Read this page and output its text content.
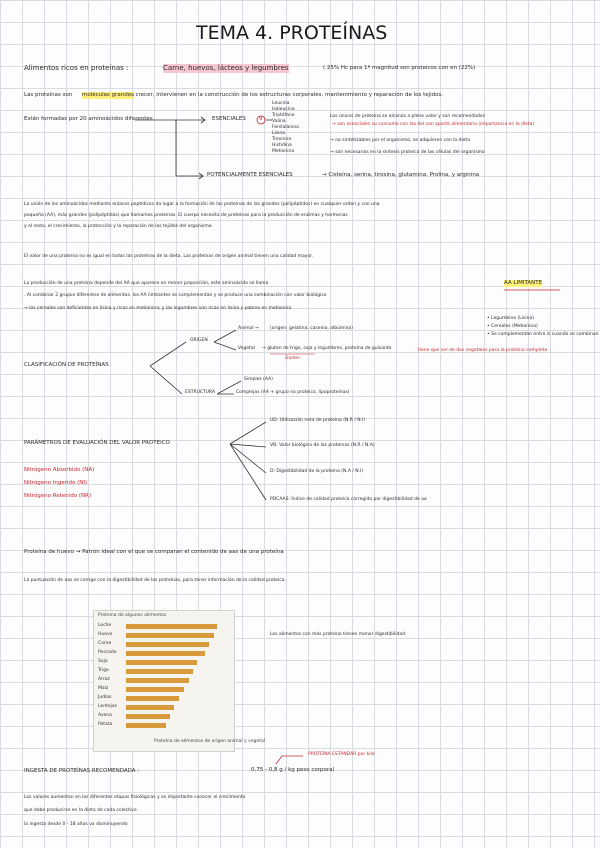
TEMA 4. PROTEÍNAS
Alimentos ricos en proteínas :	Carne, huevos, lácteos y legumbres	( 25% Hc para 1ª magnitud son proteicos con en (22%)
Las proteínas son moléculas grandes
, crecer, intervienen en la construcción de los estructuras corporales, mantenimiento y reparación de los tejidos.
Están formadas por 20 aminoácidos diferentes	ESENCIALES 9
Leucina
Isoleucina
Triptófano
Valina
Fenilalanina
Lisina
Treonina
Histidina
Metionina
Los únicos de proteína se alcanza a pleno valor y son recomendados
→ son esenciales su consumo con las del con aporte alimentario (importancia en la dieta)
→ no sintetizables por el organismo, se adquieren con la dieta
→ son necesarios en la síntesis proteica de las células del organismo
POTENCIALMENTE ESENCIALES	→ Cisteína, serina, tirosina, glutamina, Prolina, y arginina
La unión de los aminoácidos mediante enlaces peptídicos da lugar a la formación de las proteínas de las grandes (polipéptidos) en cualquier orden y con una
pequeña (AA), más grandes (polipéptidos) que llamamos proteínas. El cuerpo necesita de proteínas para la producción de enzimas y hormonas
y el resto, el crecimiento, la protección y la reparación de los tejidos del organismo.
El valor de una proteína no es igual en todas las proteínas de la dieta. Las proteínas de origen animal tienen una calidad mayor.
La producción de una proteína depende del AA que aparece en menor proporción, este aminoácido se llama	AA LIMITANTE
. Al combinar 2 grupos diferentes de alimentos, los AA limitantes se complementan y se produce una combinación con valor biológico
→ los cereales son deficientes en lisina y ricos en metionina; y las legumbres son ricas en lisina y pobres en metionina
• Legumbres (Lisina)
• Cereales (Metionina)
• Se complementan entre sí cuando se combinan
CLASIFICACIÓN DE PROTEÍNAS
ORIGEN
Animal → (origen: gelatina, caseína, albúmina)
Vegetal → gluten de trigo, soja y legumbres, proteína de guisante	tiene que ser de dos vegetales para la proteína completa
Gluten
ESTRUCTURA
Simples (AA)
Complejas (AA + grupo no proteico, lipoproteínas)
PARÁMETROS DE EVALUACIÓN DEL VALOR PROTEICO
Nitrógeno Absorbido (NA)
Nitrógeno Ingerido (NI)
Nitrógeno Retenido (NR)
UD: Utilización neta de proteína (N.R / N.I)
VB: Valor biológico de las proteínas (N.R / N.A)
D: Digestibilidad de la proteína (N.A / N.I)
PDCAAS: Índice de calidad proteica corregido por digestibilidad de aa
Proteína de huevo → Patrón ideal con el que se comparan el contenido de aas de una proteína
La puntuación de aas se corrige con la digestibilidad de las proteínas, para tener información de la calidad proteica.
Proteína de algunos alimentos
Leche
Huevo
Carne
Pescado
Soja
Trigo
Arroz
Maíz
Judías
Lentejas
Avena
Patata
Proteína de alimentos de origen animal y vegetal
Los alimentos con más proteína tienen menor digestibilidad.
PROTEÍNA ESTÁNDAR por kilo
INGESTA DE PROTEÍNAS RECOMENDADA :	0,75 - 0,8 g / kg peso corporal
Los valores aumentan en los diferentes etapas fisiológicas y es importante conocer el crecimiento
que debe producirse en la dieta de cada colectivo
la ingesta desde 0 - 18 años va disminuyendo
